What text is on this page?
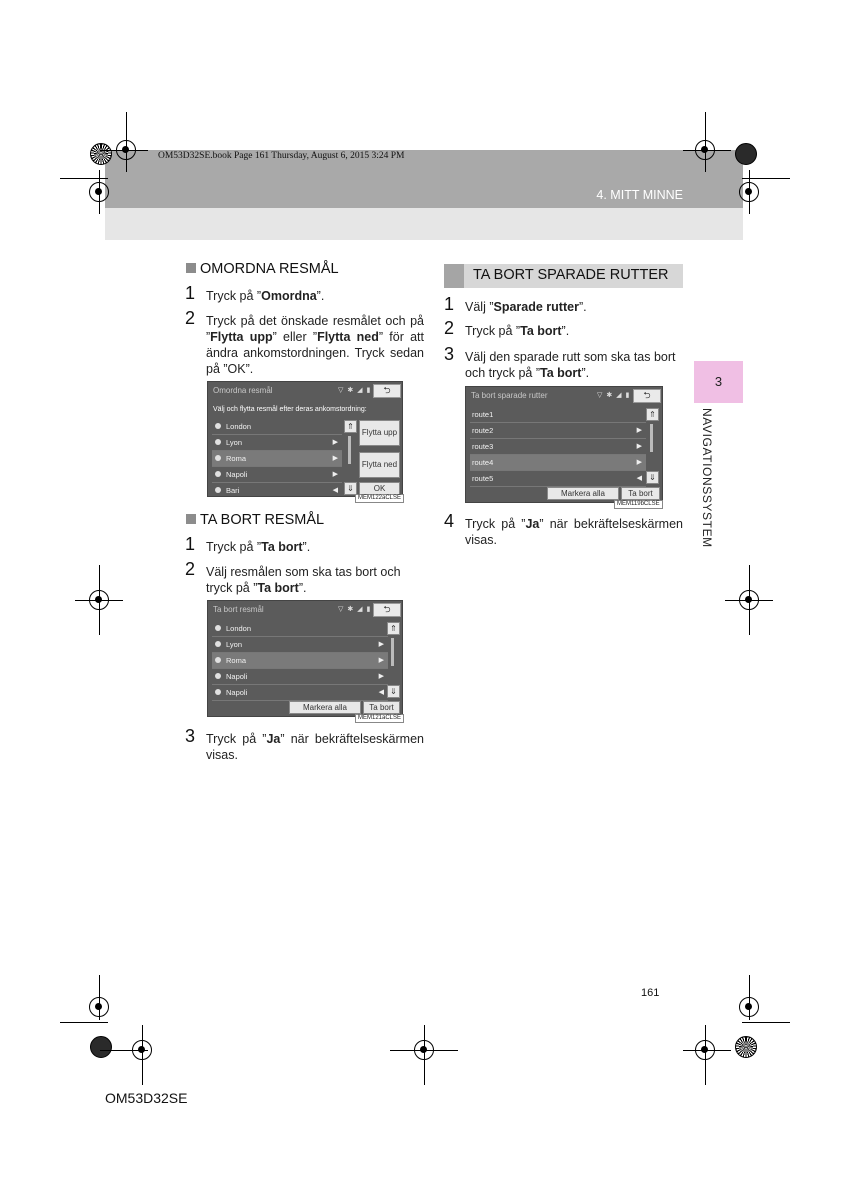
OM53D32SE.book Page 161 Thursday, August 6, 2015 3:24 PM
4. MITT MINNE
3
NAVIGATIONSSYSTEM
OMORDNA RESMÅL
1 Tryck på ”Omordna”.
2 Tryck på det önskade resmålet och på ”Flytta upp” eller ”Flytta ned” för att ändra ankomstordningen. Tryck sedan på ”OK”.
Omordna resmål	▽ ✱ ◢ ▮	⮌
Välj och flytta resmål efter deras ankomstordning:
London
Lyon	▶
Roma	▶
Napoli	▶
Bari	◀
⇑
⇓
Flytta upp
Flytta ned
OK
MEM122aCLSE
TA BORT RESMÅL
1 Tryck på ”Ta bort”.
2 Välj resmålen som ska tas bort och tryck på ”Ta bort”.
Ta bort resmål	▽ ✱ ◢ ▮	⮌
London
Lyon	▶
Roma	▶
Napoli	▶
Napoli	◀
⇑
⇓
Markera alla	Ta bort
MEM121aCLSE
3 Tryck på ”Ja” när bekräftelseskärmen visas.
TA BORT SPARADE RUTTER
1 Välj ”Sparade rutter”.
2 Tryck på ”Ta bort”.
3 Välj den sparade rutt som ska tas bort och tryck på ”Ta bort”.
Ta bort sparade rutter	▽ ✱ ◢ ▮	⮌
route1
route2	▶
route3	▶
route4	▶
route5	◀
⇑
⇓
Markera alla	Ta bort
MEM119bCLSE
4 Tryck på ”Ja” när bekräftelseskärmen visas.
161
OM53D32SE
